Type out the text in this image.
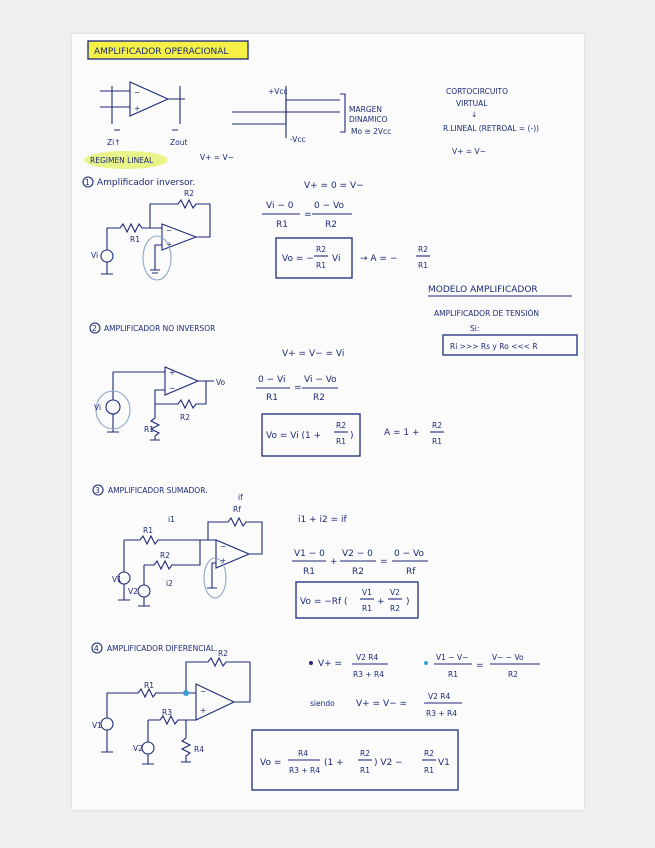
AMPLIFICADOR OPERACIONAL
−
+
Zi↑	Zout
+Vcc
-Vcc
MARGEN
DINAMICO
Mo ≅ 2Vcc
CORTOCIRCUITO
VIRTUAL
↓
R.LINEAL (RETROAL = (-))
V+ = V−
REGIMEN LINEAL	V+ = V−
1 Amplificador inversor.
−
+
R2
R1
Vi
V+ = 0 = V−
Vi − 0
R1
=
0 − Vo
R2
Vo = −
R2
R1
Vi → A = −
R2
R1
MODELO AMPLIFICADOR
AMPLIFICADOR DE TENSIÓN
Si:
Ri >>> Rs y Ro <<< R
2 AMPLIFICADOR NO INVERSOR
+
−
Vo
Vi
R1
R2
V+ = V− = Vi
0 − Vi
R1
=
Vi − Vo
R2
Vo = Vi (1 +
R2
R1
)	A = 1 +
R2
R1
3 AMPLIFICADOR SUMADOR.
−
+
R1
R2
Rf
if
i1
i2
V1
V2
i1 + i2 = if
V1 − 0
R1
+
V2 − 0
R2
=
0 − Vo
Rf
Vo = −Rf (
V1
R1
+
V2
R2
)
4 AMPLIFICADOR DIFERENCIAL.
−
+
R1
R2
R3
R4
V1
V2
V+ =
V2 R4
R3 + R4
V1 − V−
R1
=
V− − Vo
R2
siendo V+ = V− =
V2 R4
R3 + R4
Vo =
R4
R3 + R4
(1 +
R2
R1
) V2 −
R2
R1
V1
